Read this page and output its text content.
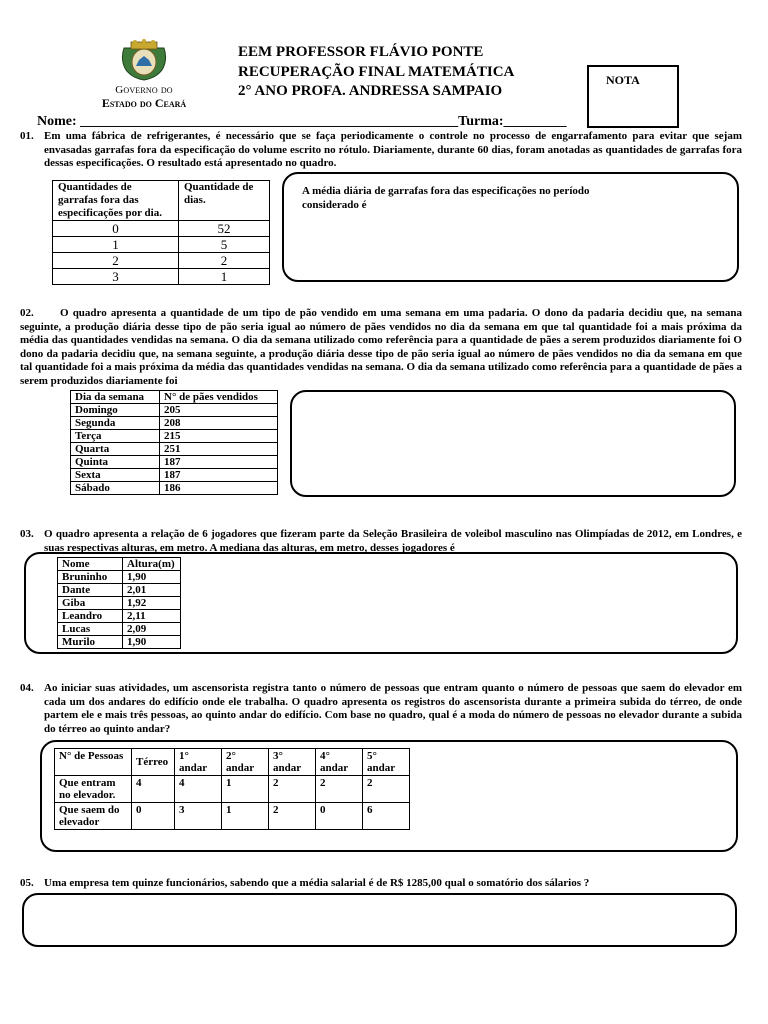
Governo do
Estado do Ceará
EEM PROFESSOR FLÁVIO PONTE
RECUPERAÇÃO FINAL MATEMÁTICA
2° ANO PROFA. ANDRESSA SAMPAIO
NOTA
Nome: ______________________________________________________Turma:_________
01. Em uma fábrica de refrigerantes, é necessário que se faça periodicamente o controle no processo de engarrafamento para evitar que sejam envasadas garrafas fora da especificação do volume escrito no rótulo. Diariamente, durante 60 dias, foram anotadas as quantidades de garrafas fora dessas especificações. O resultado está apresentado no quadro.
Quantidades de garrafas fora das especificações por dia.	Quantidade de dias.
0	52
1	5
2	2
3	1
A média diária de garrafas fora das especificações no período considerado é
02.	O quadro apresenta a quantidade de um tipo de pão vendido em uma semana em uma padaria. O dono da padaria decidiu que, na semana seguinte, a produção diária desse tipo de pão seria igual ao número de pães vendidos no dia da semana em que tal quantidade foi a mais próxima da média das quantidades vendidas na semana. O dia da semana utilizado como referência para a quantidade de pães a serem produzidos diariamente foi O dono da padaria decidiu que, na semana seguinte, a produção diária desse tipo de pão seria igual ao número de pães vendidos no dia da semana em que tal quantidade foi a mais próxima da média das quantidades vendidas na semana. O dia da semana utilizado como referência para a quantidade de pães a serem produzidos diariamente foi
Dia da semana	N° de pães vendidos
Domingo	205
Segunda	208
Terça	215
Quarta	251
Quinta	187
Sexta	187
Sábado	186
03. O quadro apresenta a relação de 6 jogadores que fizeram parte da Seleção Brasileira de voleibol masculino nas Olimpíadas de 2012, em Londres, e suas respectivas alturas, em metro. A mediana das alturas, em metro, desses jogadores é
Nome	Altura(m)
Bruninho	1,90
Dante	2,01
Giba	1,92
Leandro	2,11
Lucas	2,09
Murilo	1,90
04. Ao iniciar suas atividades, um ascensorista registra tanto o número de pessoas que entram quanto o número de pessoas que saem do elevador em cada um dos andares do edifício onde ele trabalha. O quadro apresenta os registros do ascensorista durante a primeira subida do térreo, de onde partem ele e mais três pessoas, ao quinto andar do edifício. Com base no quadro, qual é a moda do número de pessoas no elevador durante a subida do térreo ao quinto andar?
N° de Pessoas	Térreo	1° andar	2° andar	3° andar	4° andar	5° andar
Que entram no elevador.	4	4	1	2	2	2
Que saem do elevador	0	3	1	2	0	6
05. Uma empresa tem quinze funcionários, sabendo que a média salarial é de R$ 1285,00 qual o somatório dos sálarios ?
